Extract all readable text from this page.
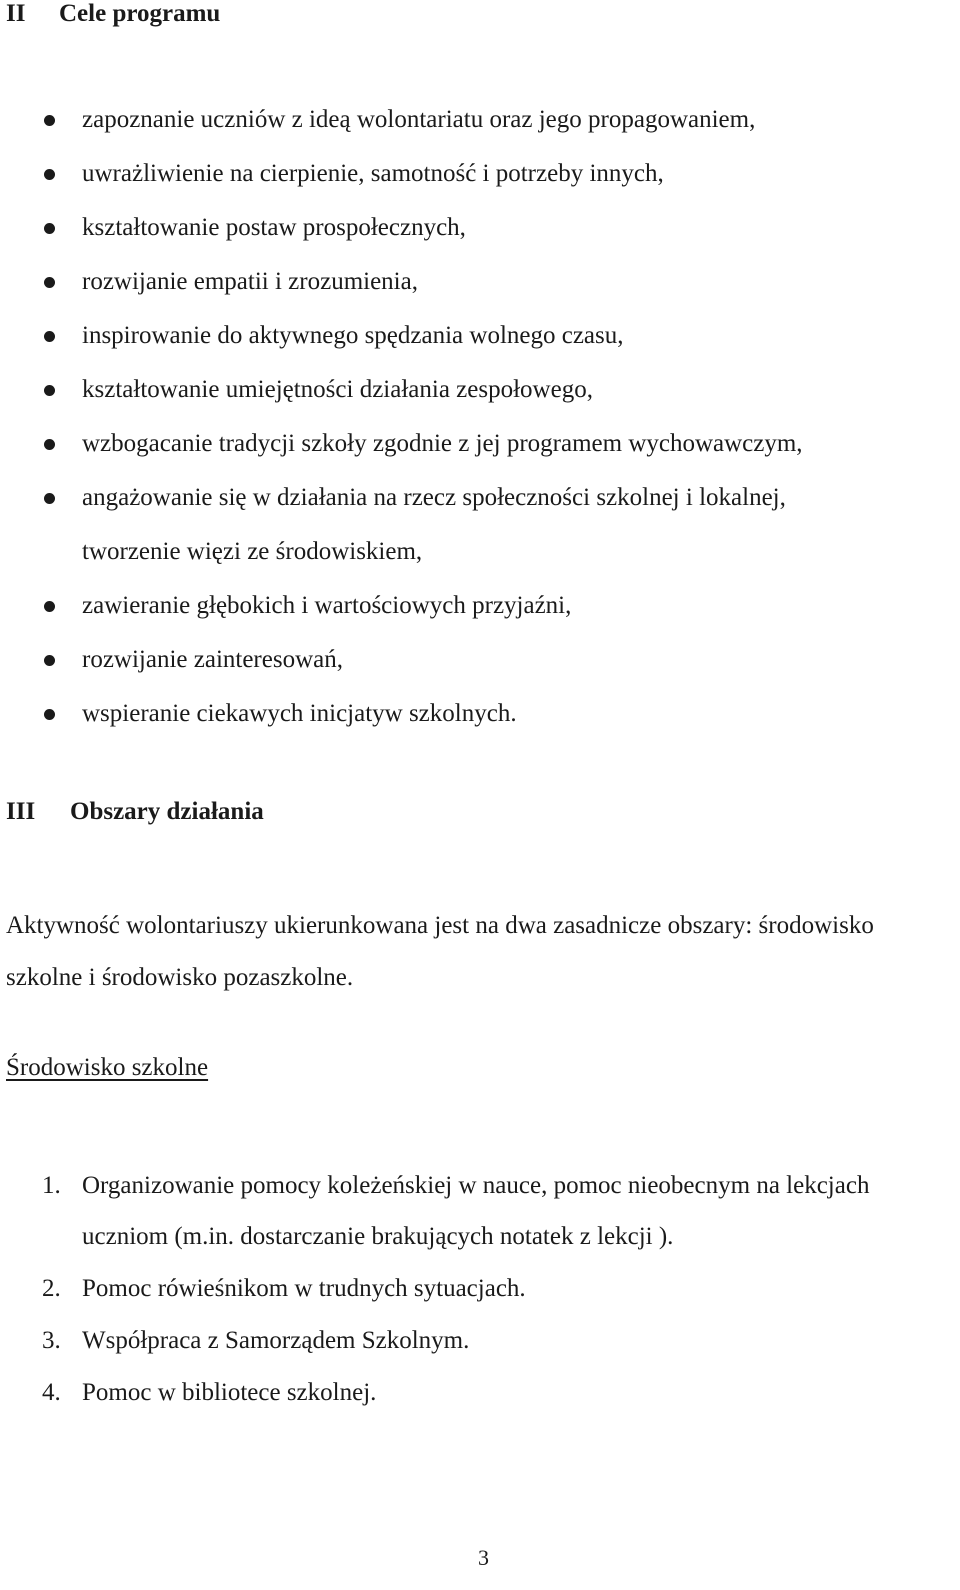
II Cele programu
zapoznanie uczniów z ideą wolontariatu oraz jego propagowaniem,
uwrażliwienie na cierpienie, samotność i potrzeby innych,
kształtowanie postaw prospołecznych,
rozwijanie empatii i zrozumienia,
inspirowanie do aktywnego spędzania wolnego czasu,
kształtowanie umiejętności działania zespołowego,
wzbogacanie tradycji szkoły zgodnie z jej programem wychowawczym,
angażowanie się w działania na rzecz społeczności szkolnej i lokalnej,
tworzenie więzi ze środowiskiem,
zawieranie głębokich i wartościowych przyjaźni,
rozwijanie zainteresowań,
wspieranie ciekawych inicjatyw szkolnych.
III Obszary działania

Aktywność wolontariuszy ukierunkowana jest na dwa zasadnicze obszary: środowisko szkolne i środowisko pozaszkolne.

Środowisko szkolne
1. Organizowanie pomocy koleżeńskiej w nauce, pomoc nieobecnym na lekcjach uczniom (m.in. dostarczanie brakujących notatek z lekcji ).
2. Pomoc rówieśnikom w trudnych sytuacjach.
3. Współpraca z Samorządem Szkolnym.
4. Pomoc w bibliotece szkolnej.
3
